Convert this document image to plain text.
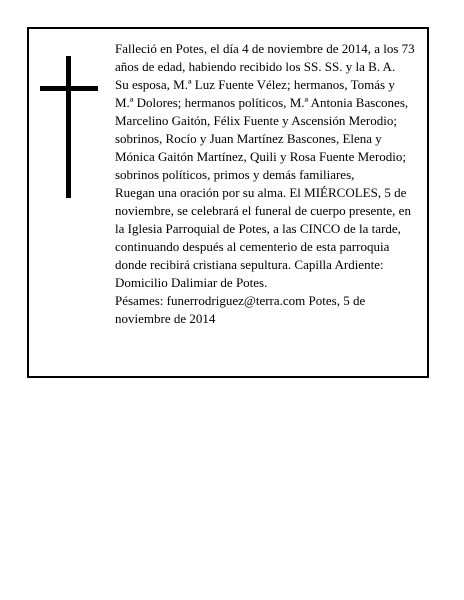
Falleció en Potes, el día 4 de noviembre de 2014, a los 73 años de edad, habiendo recibido los SS. SS. y la B. A.

Su esposa, M.ª Luz Fuente Vélez; hermanos, Tomás y M.ª Dolores; hermanos políticos, M.ª Antonia Bascones, Marcelino Gaitón, Félix Fuente y Ascensión Merodio; sobrinos, Rocío y Juan Martínez Bascones, Elena y Mónica Gaitón Martínez, Quili y Rosa Fuente Merodio; sobrinos políticos, primos y demás familiares,

Ruegan una oración por su alma. El MIÉRCOLES, 5 de noviembre, se celebrará el funeral de cuerpo presente, en la Iglesia Parroquial de Potes, a las CINCO de la tarde, continuando después al cementerio de esta parroquia donde recibirá cristiana sepultura. Capilla Ardiente: Domicilio Dalimiar de Potes.

Pésames: funerrodriguez@terra.com Potes, 5 de noviembre de 2014
